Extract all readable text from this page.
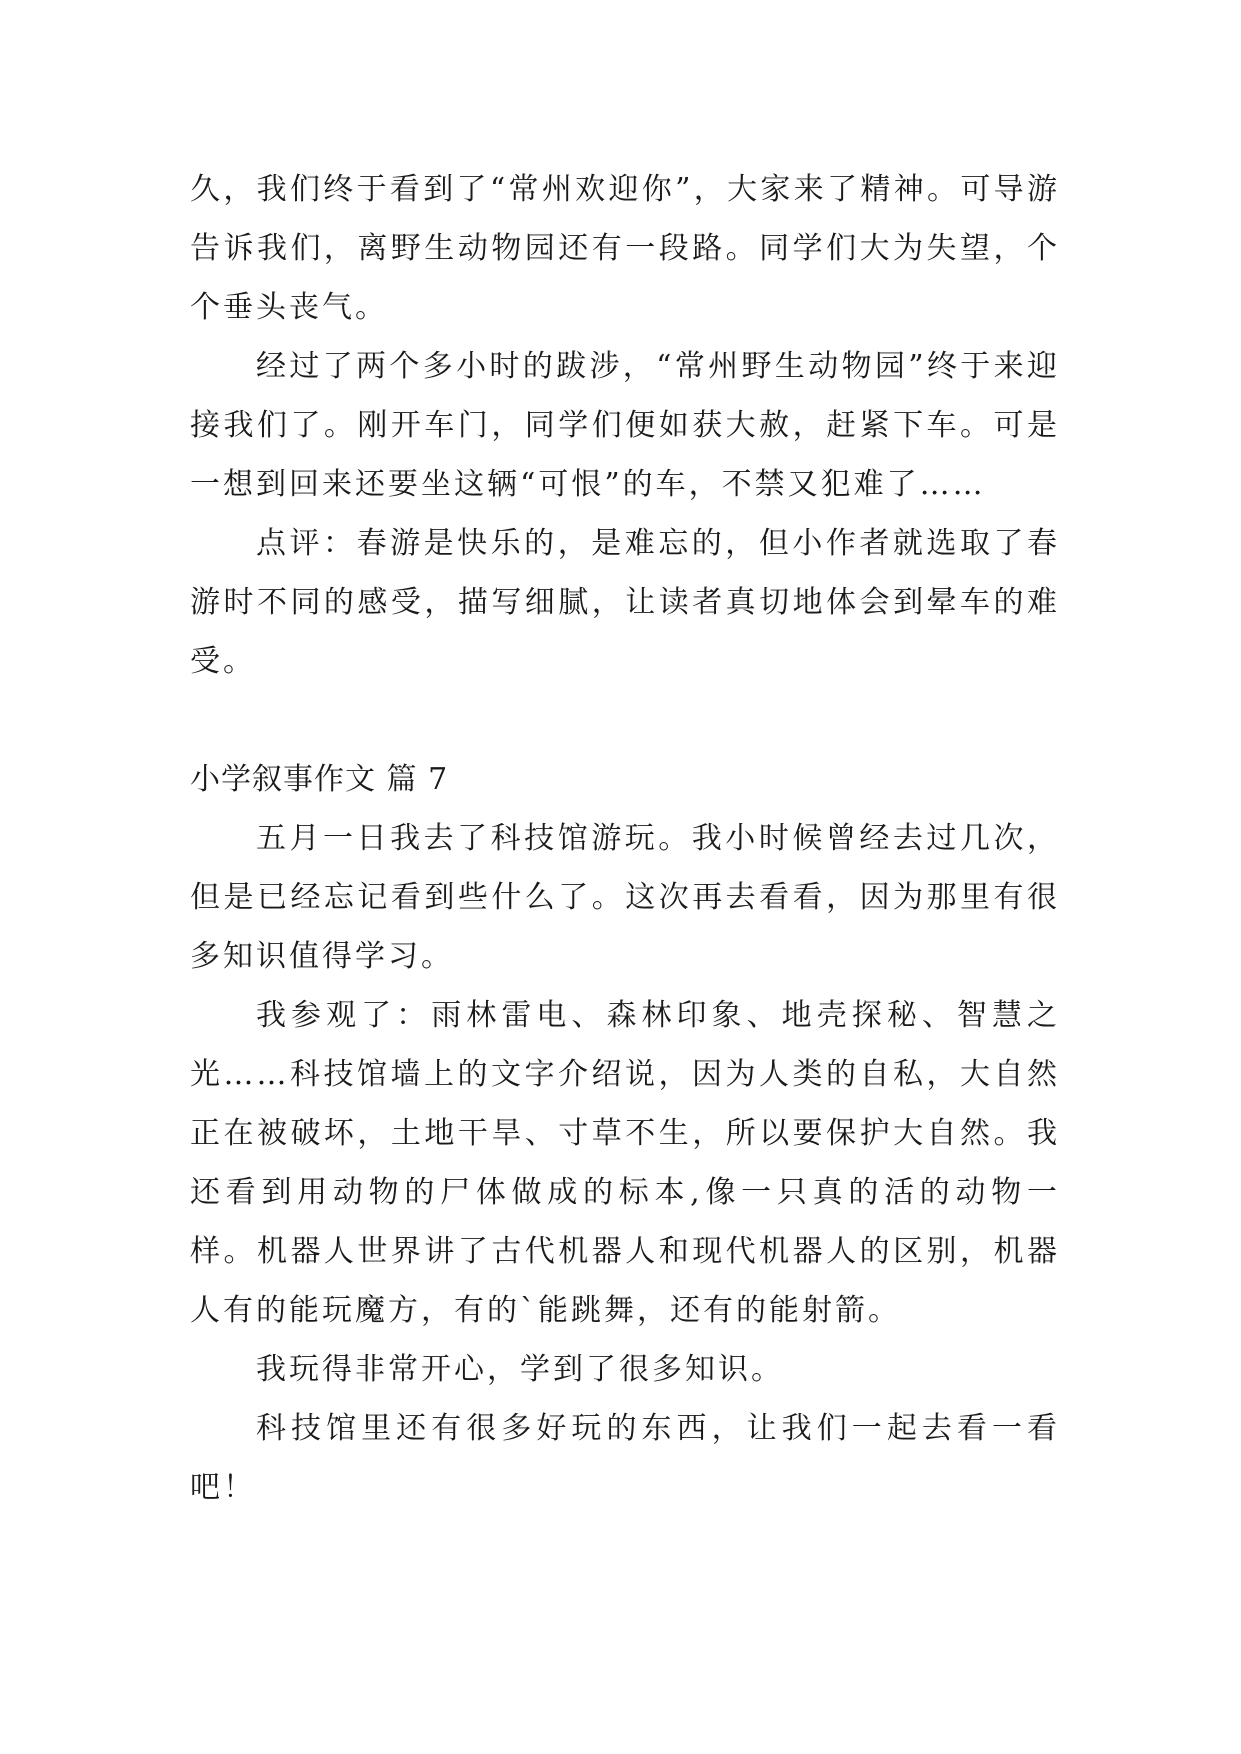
久，我们终于看到了“常州欢迎你”，大家来了精神。可导游告诉我们，离野生动物园还有一段路。同学们大为失望，个个垂头丧气。

经过了两个多小时的跋涉，“常州野生动物园”终于来迎接我们了。刚开车门，同学们便如获大赦，赶紧下车。可是一想到回来还要坐这辆“可恨”的车，不禁又犯难了……

点评：春游是快乐的，是难忘的，但小作者就选取了春游时不同的感受，描写细腻，让读者真切地体会到晕车的难受。

小学叙事作文 篇 7

五月一日我去了科技馆游玩。我小时候曾经去过几次，但是已经忘记看到些什么了。这次再去看看，因为那里有很多知识值得学习。

我参观了：雨林雷电、森林印象、地壳探秘、智慧之光……科技馆墙上的文字介绍说，因为人类的自私，大自然正在被破坏，土地干旱、寸草不生，所以要保护大自然。我还看到用动物的尸体做成的标本,像一只真的活的动物一样。机器人世界讲了古代机器人和现代机器人的区别，机器人有的能玩魔方，有的`能跳舞，还有的能射箭。

我玩得非常开心，学到了很多知识。

科技馆里还有很多好玩的东西，让我们一起去看一看吧！
